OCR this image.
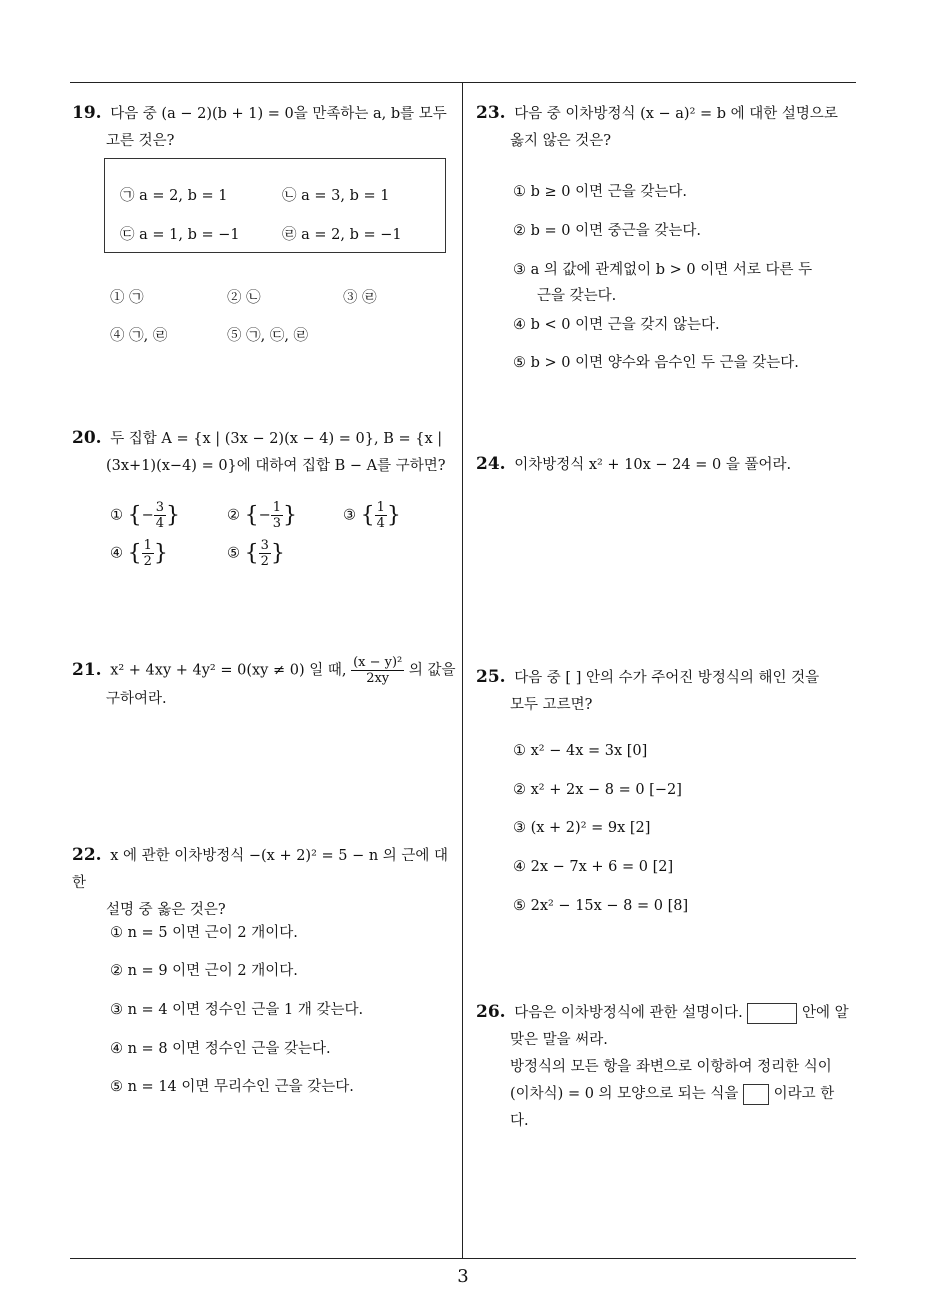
19. 다음 중 (a − 2)(b + 1) = 0을 만족하는 a, b를 모두
고른 것은?
㉠ a = 2, b = 1	㉡ a = 3, b = 1
㉢ a = 1, b = −1	㉣ a = 2, b = −1
① ㉠	② ㉡	③ ㉣
④ ㉠, ㉣	⑤ ㉠, ㉢, ㉣
20. 두 집합 A = {x | (3x − 2)(x − 4) = 0}, B = {x |
(3x+1)(x−4) = 0}에 대하여 집합 B − A를 구하면?
① {− $\frac{3}{4}$ }	② {− $\frac{1}{3}$ }	③ { $\frac{1}{4}$ }
④ { $\frac{1}{2}$ }	⑤ { $\frac{3}{2}$ }
21. x² + 4xy + 4y² = 0(xy ≠ 0) 일 때, $\frac{\text{(x − y)²}}{2xy}$ 의 값을
구하여라.
22. x 에 관한 이차방정식 −(x + 2)² = 5 − n 의 근에 대한
설명 중 옳은 것은?
① n = 5 이면 근이 2 개이다.
② n = 9 이면 근이 2 개이다.
③ n = 4 이면 정수인 근을 1 개 갖는다.
④ n = 8 이면 정수인 근을 갖는다.
⑤ n = 14 이면 무리수인 근을 갖는다.
23. 다음 중 이차방정식 (x − a)² = b 에 대한 설명으로
옳지 않은 것은?
① b ≥ 0 이면 근을 갖는다.
② b = 0 이면 중근을 갖는다.
③ a 의 값에 관계없이 b > 0 이면 서로 다른 두
근을 갖는다.
④ b < 0 이면 근을 갖지 않는다.
⑤ b > 0 이면 양수와 음수인 두 근을 갖는다.
24. 이차방정식 x² + 10x − 24 = 0 을 풀어라.
25. 다음 중 [ ] 안의 수가 주어진 방정식의 해인 것을
모두 고르면?
① x² − 4x = 3x [0]
② x² + 2x − 8 = 0 [−2]
③ (x + 2)² = 9x [2]
④ 2x − 7x + 6 = 0 [2]
⑤ 2x² − 15x − 8 = 0 [8]
26. 다음은 이차방정식에 관한 설명이다.	안에 알
맞은 말을 써라.
방정식의 모든 항을 좌변으로 이항하여 정리한 식이
(이차식) = 0 의 모양으로 되는 식을 이라고 한
다.
3
